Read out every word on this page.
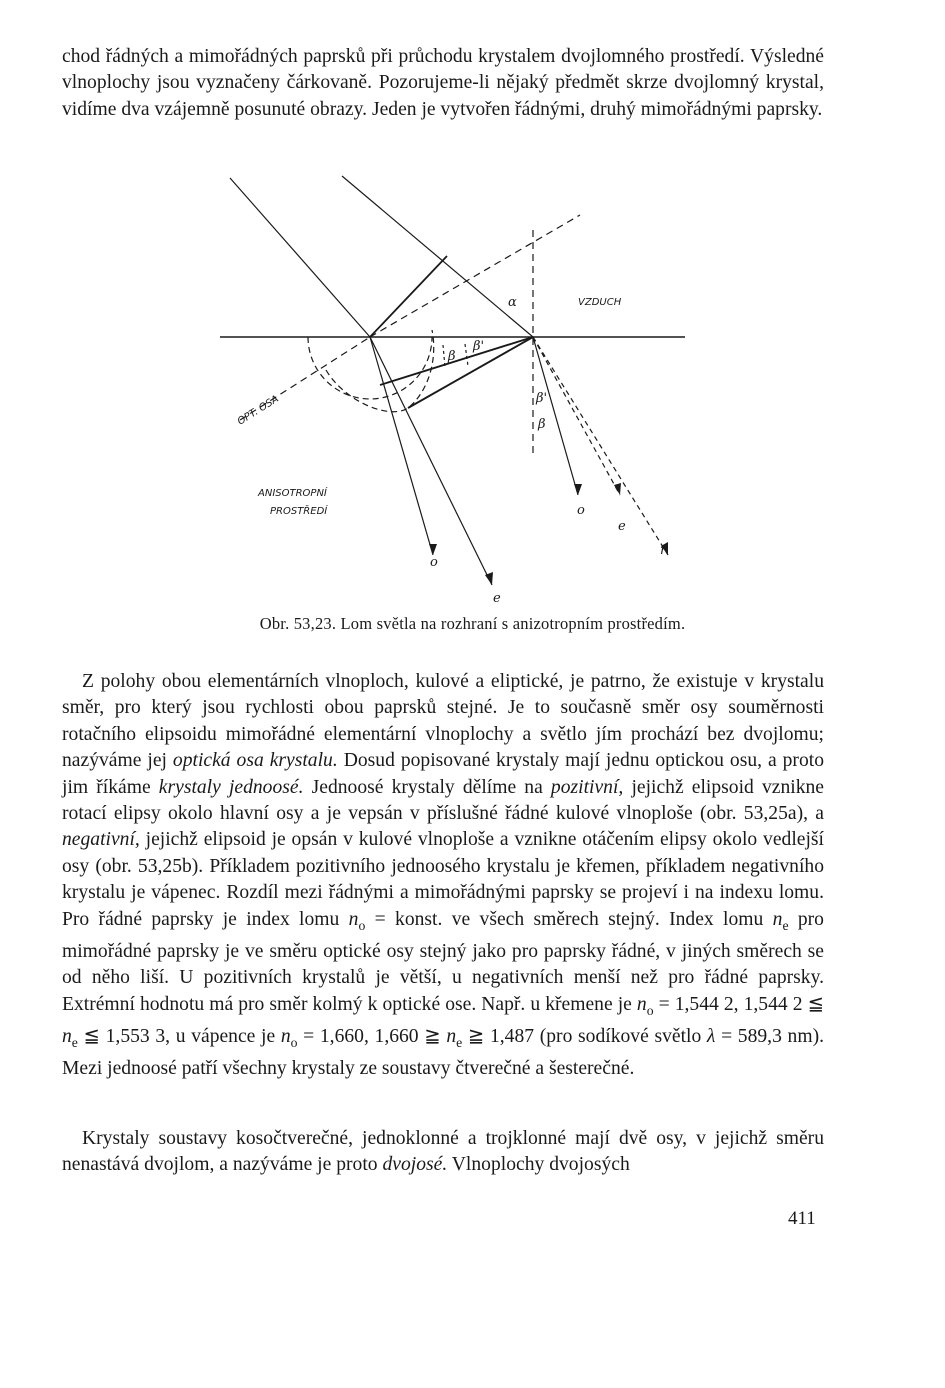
chod řádných a mimořádných paprsků při průchodu krystalem dvojlomného prostředí. Výsledné vlnoplochy jsou vyznačeny čárkovaně. Pozorujeme-li nějaký předmět skrze dvojlomný krystal, vidíme dva vzájemně posunuté obrazy. Jeden je vytvořen řádnými, druhý mimořádnými paprsky.

VZDUCH
OPT. OSA
ANISOTROPNÍ
PROSTŘEDÍ
α
β
β'
β'
β
o
e
o
e
r
Obr. 53,23. Lom světla na rozhraní s anizotropním prostředím.

Z polohy obou elementárních vlnoploch, kulové a eliptické, je patrno, že existuje v krystalu směr, pro který jsou rychlosti obou paprsků stejné. Je to současně směr osy souměrnosti rotačního elipsoidu mimořádné elementární vlnoplochy a světlo jím prochází bez dvojlomu; nazýváme jej optická osa krystalu. Dosud popisované krystaly mají jednu optickou osu, a proto jim říkáme krystaly jednoosé. Jednoosé krystaly dělíme na pozitivní, jejichž elipsoid vznikne rotací elipsy okolo hlavní osy a je vepsán v příslušné řádné kulové vlnoploše (obr. 53,25a), a negativní, jejichž elipsoid je opsán v kulové vlnoploše a vznikne otáčením elipsy okolo vedlejší osy (obr. 53,25b). Příkladem pozitivního jednoosého krystalu je křemen, příkladem negativního krystalu je vápenec. Rozdíl mezi řádnými a mimořádnými paprsky se projeví i na indexu lomu. Pro řádné paprsky je index lomu $n_o$ = konst. ve všech směrech stejný. Index lomu $n_e$ pro mimořádné paprsky je ve směru optické osy stejný jako pro paprsky řádné, v jiných směrech se od něho liší. U pozitivních krystalů je větší, u negativních menší než pro řádné paprsky. Extrémní hodnotu má pro směr kolmý k optické ose. Např. u křemene je $n_o = 1,544$ 2, 1,544 2 ≦ $n_e$ ≦ 1,553 3, u vápence je $n_o = 1,660$, 1,660 ≧ $n_e$ ≧ 1,487 (pro sodíkové světlo λ = 589,3 nm). Mezi jednoosé patří všechny krystaly ze soustavy čtverečné a šesterečné.

Krystaly soustavy kosočtverečné, jednoklonné a trojklonné mají dvě osy, v jejichž směru nenastává dvojlom, a nazýváme je proto dvojosé. Vlnoplochy dvojosých

411
